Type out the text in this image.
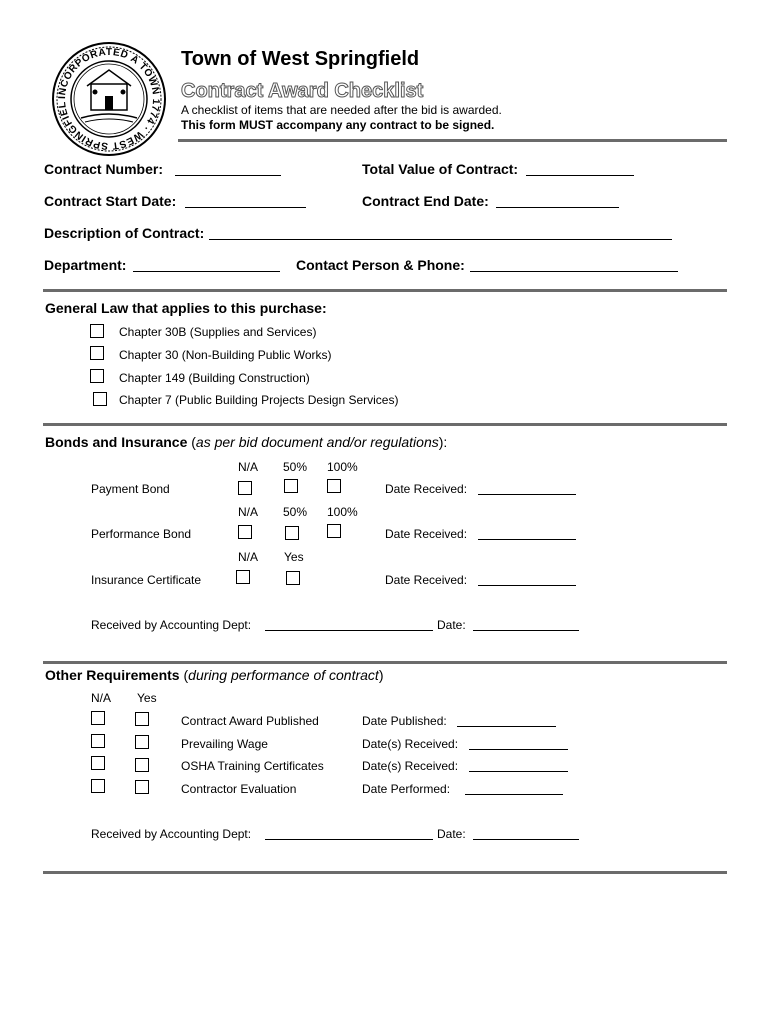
INCORPORATED A TOWN 1774 · WEST SPRINGFIEL
Town of West Springfield
Contract Award Checklist
A checklist of items that are needed after the bid is awarded.
This form MUST accompany any contract to be signed.
Contract Number:	Total Value of Contract:
Contract Start Date:	Contract End Date:
Description of Contract:
Department:	Contact Person & Phone:
General Law that applies to this purchase:
Chapter 30B (Supplies and Services)
Chapter 30 (Non-Building Public Works)
Chapter 149 (Building Construction)
Chapter 7 (Public Building Projects Design Services)
Bonds and Insurance (as per bid document and/or regulations):
N/A 50% 100%
Payment Bond	Date Received:
N/A 50% 100%
Performance Bond	Date Received:
N/A Yes
Insurance Certificate	Date Received:
Received by Accounting Dept:	Date:
Other Requirements (during performance of contract)
N/A Yes
Contract Award Published	Date Published:
Prevailing Wage	Date(s) Received:
OSHA Training Certificates	Date(s) Received:
Contractor Evaluation	Date Performed:
Received by Accounting Dept:	Date:
